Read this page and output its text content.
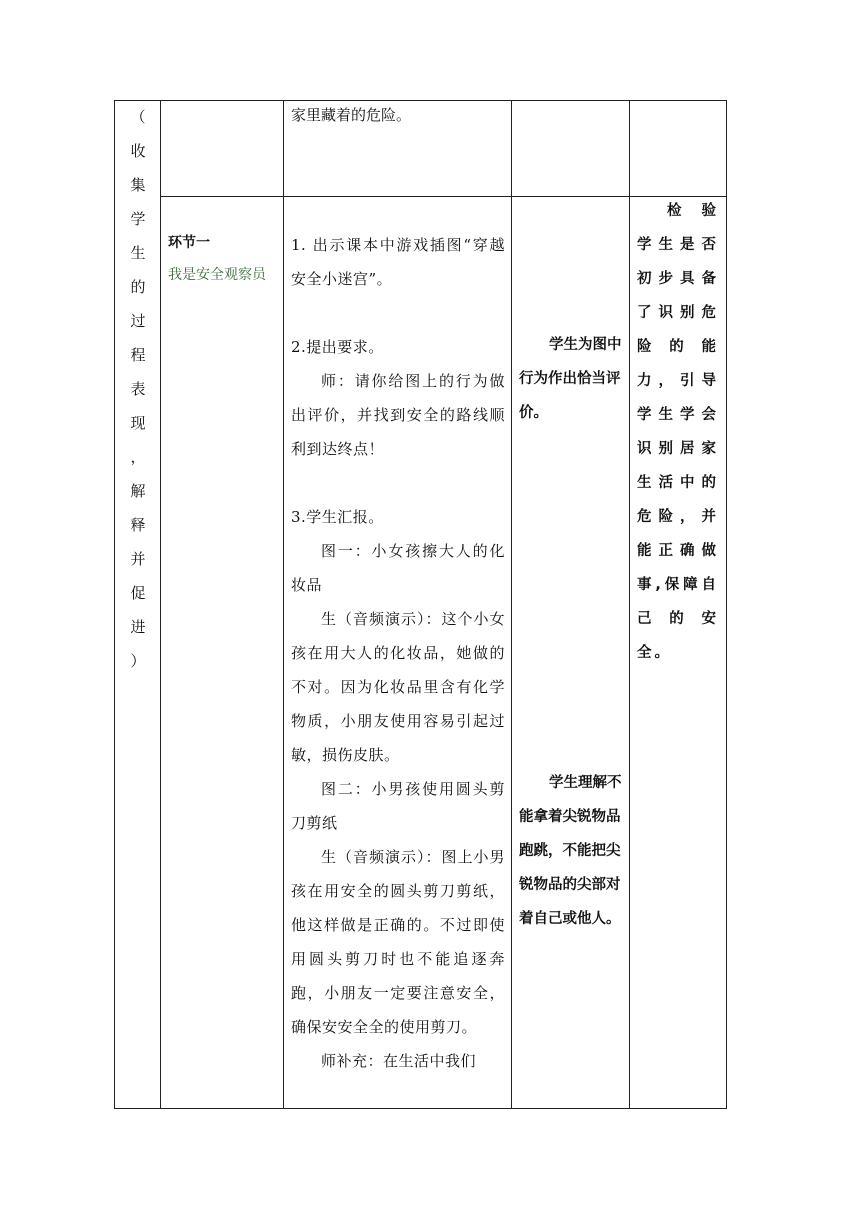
（
收
集
学
生
的
过
程
表
现
，
解
释
并
促
进
）

家里藏着的危险。

环节一

我是安全观察员

1. 出示课本中游戏插图“穿越安全小迷宫”。

2.提出要求。

师：请你给图上的行为做出评价，并找到安全的路线顺利到达终点！

3.学生汇报。

图一：小女孩擦大人的化妆品

生（音频演示）：这个小女孩在用大人的化妆品，她做的不对。因为化妆品里含有化学物质，小朋友使用容易引起过敏，损伤皮肤。

图二：小男孩使用圆头剪刀剪纸

生（音频演示）：图上小男孩在用安全的圆头剪刀剪纸，他这样做是正确的。不过即使用圆头剪刀时也不能追逐奔跑，小朋友一定要注意安全，确保安安全全的使用剪刀。

师补充：在生活中我们

学生为图中行为作出恰当评价。

学生理解不能拿着尖锐物品跑跳，不能把尖锐物品的尖部对着自己或他人。

检验学生是否初步具备了识别危险的能力，引导学生学会识别居家生活中的危险，并能正确做事,保障自己的安全。
